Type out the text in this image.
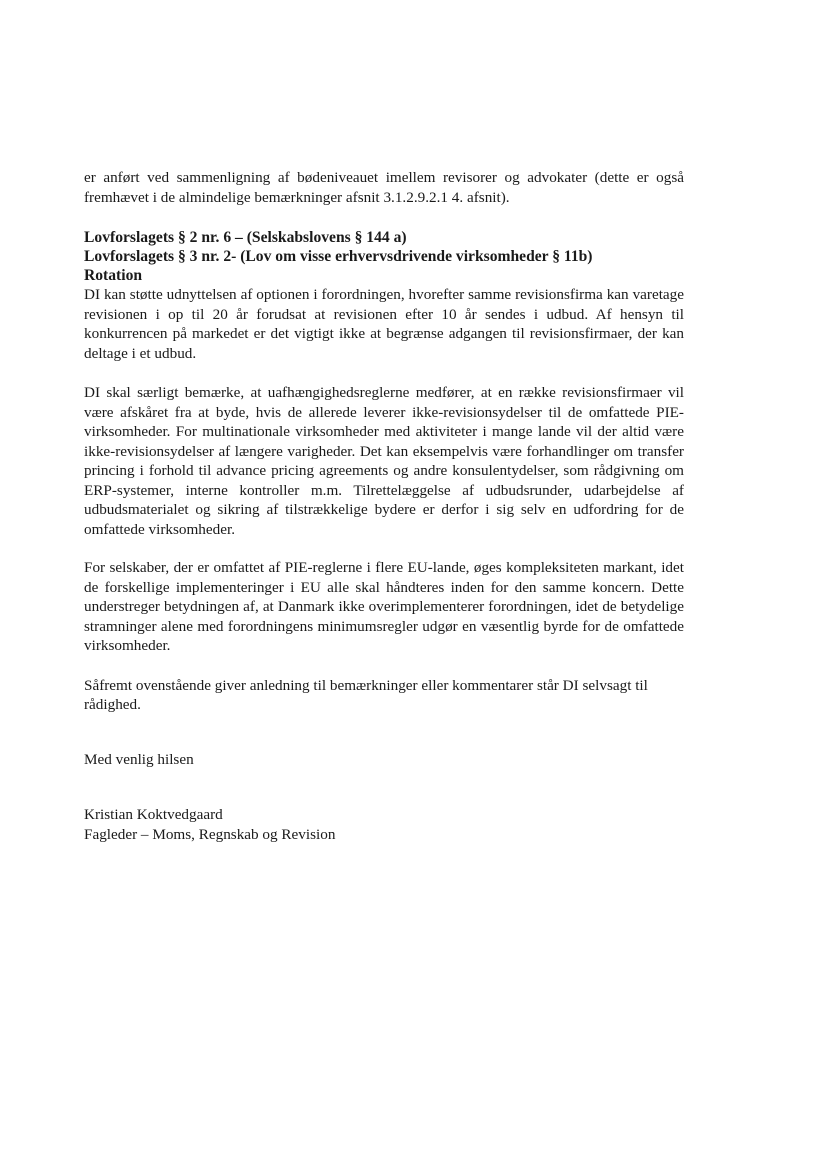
er anført ved sammenligning af bødeniveauet imellem revisorer og advokater (dette er også fremhævet i de almindelige bemærkninger afsnit 3.1.2.9.2.1 4. afsnit).

Lovforslagets § 2 nr. 6 – (Selskabslovens § 144 a)

Lovforslagets § 3 nr. 2- (Lov om visse erhvervsdrivende virksomheder § 11b)

Rotation

DI kan støtte udnyttelsen af optionen i forordningen, hvorefter samme revisionsfirma kan varetage revisionen i op til 20 år forudsat at revisionen efter 10 år sendes i udbud. Af hensyn til konkurrencen på markedet er det vigtigt ikke at begrænse adgangen til revisionsfirmaer, der kan deltage i et udbud.

DI skal særligt bemærke, at uafhængighedsreglerne medfører, at en række revisionsfirmaer vil være afskåret fra at byde, hvis de allerede leverer ikke-revisionsydelser til de omfattede PIE-virksomheder. For multinationale virksomheder med aktiviteter i mange lande vil der altid være ikke-revisionsydelser af længere varigheder. Det kan eksempelvis være forhandlinger om transfer princing i forhold til advance pricing agreements og andre konsulentydelser, som rådgivning om ERP-systemer, interne kontroller m.m. Tilrettelæggelse af udbudsrunder, udarbejdelse af udbudsmaterialet og sikring af tilstrækkelige bydere er derfor i sig selv en udfordring for de omfattede virksomheder.

For selskaber, der er omfattet af PIE-reglerne i flere EU-lande, øges kompleksiteten markant, idet de forskellige implementeringer i EU alle skal håndteres inden for den samme koncern. Dette understreger betydningen af, at Danmark ikke overimplementerer forordningen, idet de betydelige stramninger alene med forordningens minimumsregler udgør en væsentlig byrde for de omfattede virksomheder.

Såfremt ovenstående giver anledning til bemærkninger eller kommentarer står DI selvsagt til rådighed.

Med venlig hilsen

Kristian Koktvedgaard

Fagleder – Moms, Regnskab og Revision
